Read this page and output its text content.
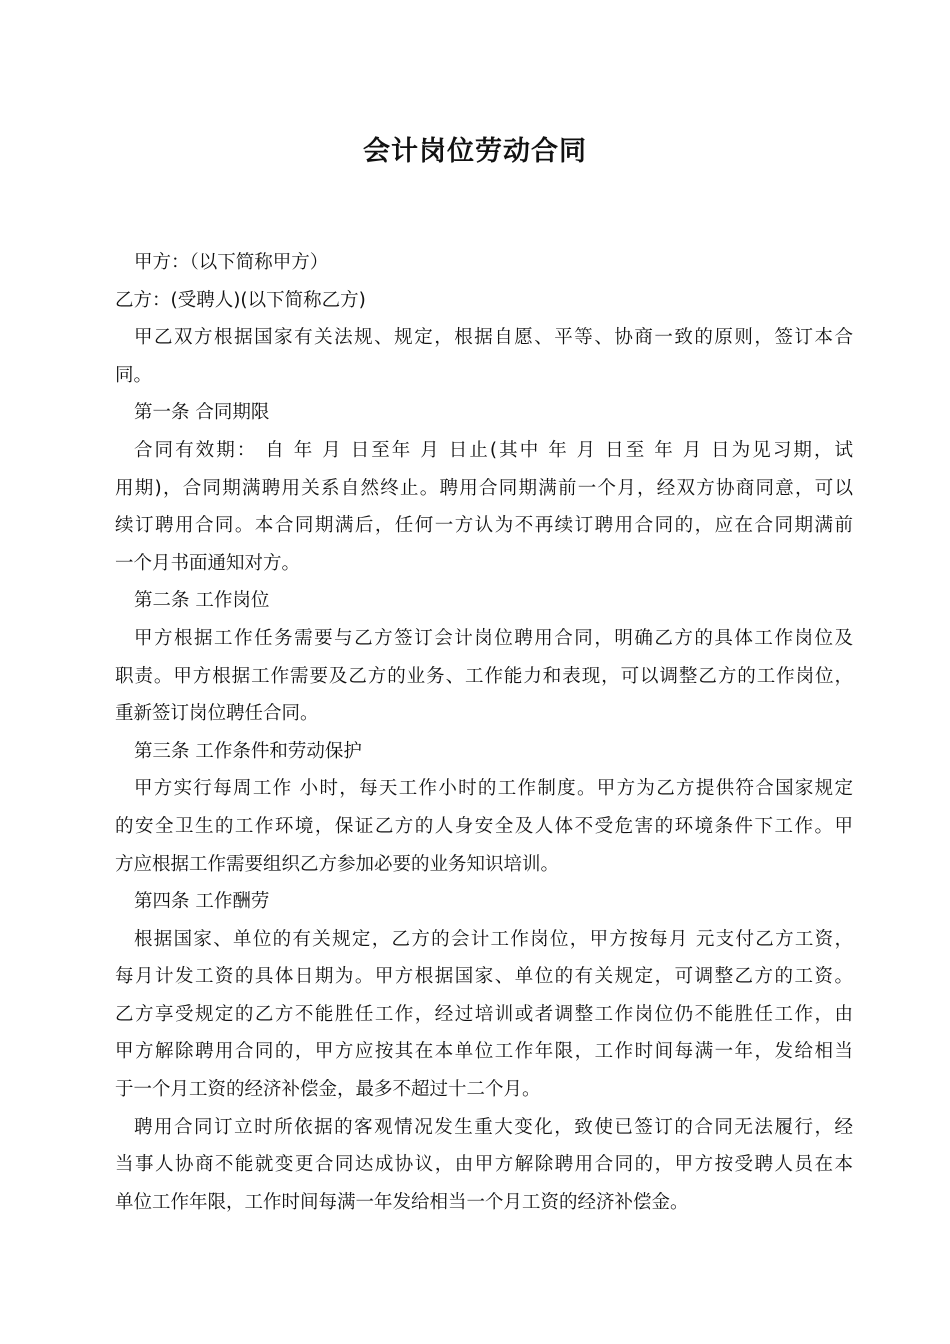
会计岗位劳动合同

甲方：（以下简称甲方）

乙方：(受聘人)(以下简称乙方)

甲乙双方根据国家有关法规、规定，根据自愿、平等、协商一致的原则，签订本合

同。

第一条 合同期限

合同有效期： 自 年 月 日至年 月 日止(其中 年 月 日至 年 月 日为见习期，试

用期)，合同期满聘用关系自然终止。聘用合同期满前一个月，经双方协商同意，可以

续订聘用合同。本合同期满后，任何一方认为不再续订聘用合同的，应在合同期满前

一个月书面通知对方。

第二条 工作岗位

甲方根据工作任务需要与乙方签订会计岗位聘用合同，明确乙方的具体工作岗位及

职责。甲方根据工作需要及乙方的业务、工作能力和表现，可以调整乙方的工作岗位，

重新签订岗位聘任合同。

第三条 工作条件和劳动保护

甲方实行每周工作 小时，每天工作小时的工作制度。甲方为乙方提供符合国家规定

的安全卫生的工作环境，保证乙方的人身安全及人体不受危害的环境条件下工作。甲

方应根据工作需要组织乙方参加必要的业务知识培训。

第四条 工作酬劳

根据国家、单位的有关规定，乙方的会计工作岗位，甲方按每月 元支付乙方工资，

每月计发工资的具体日期为。甲方根据国家、单位的有关规定，可调整乙方的工资。

乙方享受规定的乙方不能胜任工作，经过培训或者调整工作岗位仍不能胜任工作，由

甲方解除聘用合同的，甲方应按其在本单位工作年限，工作时间每满一年，发给相当

于一个月工资的经济补偿金，最多不超过十二个月。

聘用合同订立时所依据的客观情况发生重大变化，致使已签订的合同无法履行，经

当事人协商不能就变更合同达成协议，由甲方解除聘用合同的，甲方按受聘人员在本

单位工作年限，工作时间每满一年发给相当一个月工资的经济补偿金。
